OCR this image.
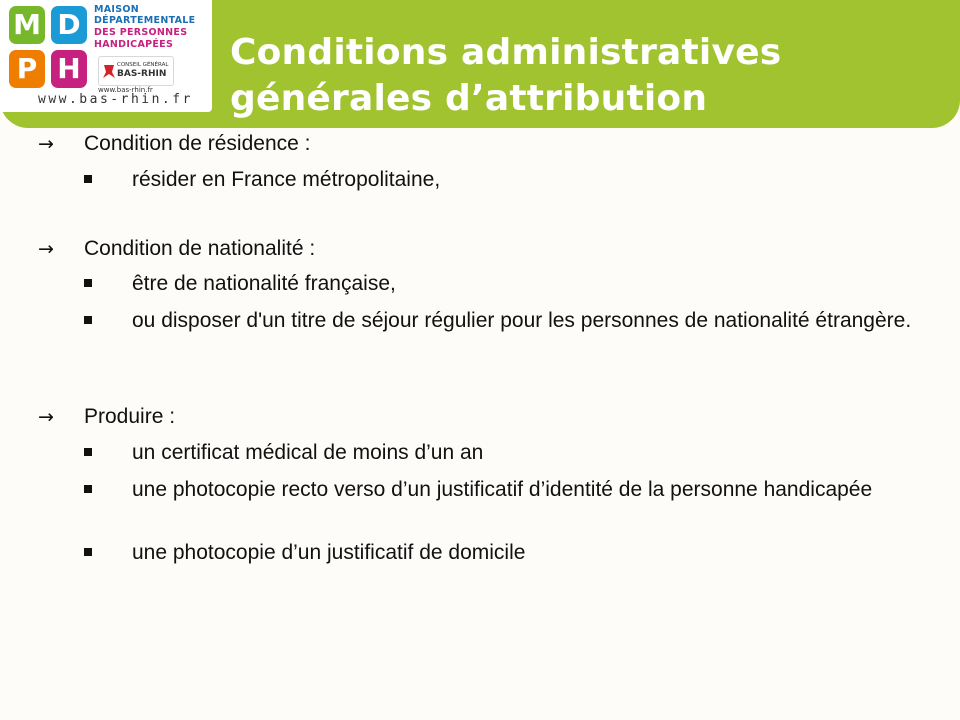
M D
P H
MAISON
DÉPARTEMENTALE
DES PERSONNES
HANDICAPÉES
CONSEIL GÉNÉRAL
BAS-RHIN
www.bas-rhin.fr
www.bas-rhin.fr
Conditions administratives
générales d’attribution
→ Condition de résidence :
résider en France métropolitaine,
→ Condition de nationalité :
être de nationalité française,
ou disposer d'un titre de séjour régulier pour les personnes de nationalité étrangère.
→ Produire :
un certificat médical de moins d’un an
une photocopie recto verso d’un justificatif d’identité de la personne handicapée
une photocopie d’un justificatif de domicile
